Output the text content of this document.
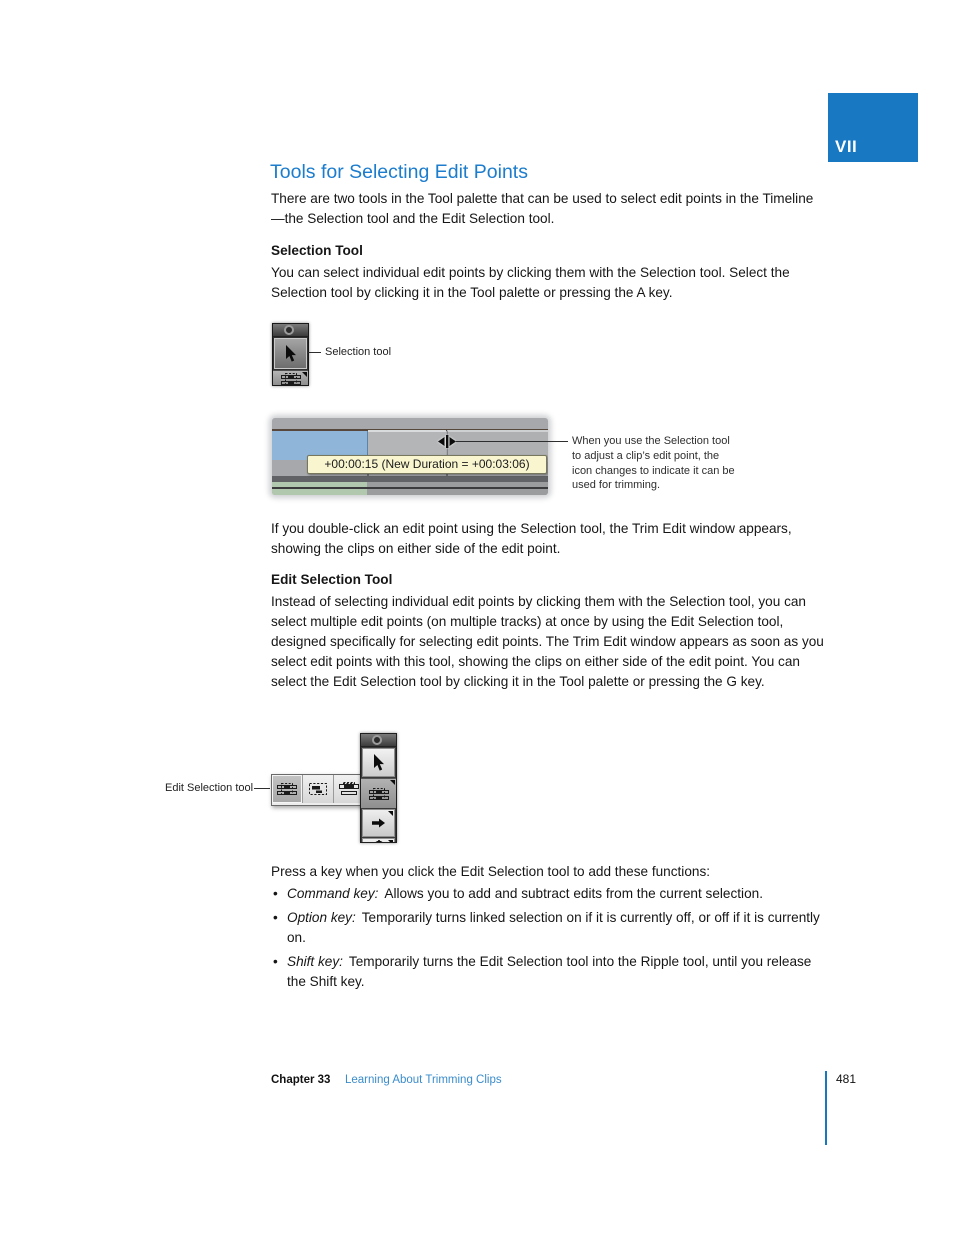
VII
Tools for Selecting Edit Points
There are two tools in the Tool palette that can be used to select edit points in the Timeline—the Selection tool and the Edit Selection tool.
Selection Tool
You can select individual edit points by clicking them with the Selection tool. Select the Selection tool by clicking it in the Tool palette or pressing the A key.
Selection tool
+00:00:15 (New Duration = +00:03:06)
When you use the Selection tool
to adjust a clip’s edit point, the
icon changes to indicate it can be
used for trimming.
If you double-click an edit point using the Selection tool, the Trim Edit window appears, showing the clips on either side of the edit point.
Edit Selection Tool
Instead of selecting individual edit points by clicking them with the Selection tool, you can select multiple edit points (on multiple tracks) at once by using the Edit Selection tool, designed specifically for selecting edit points. The Trim Edit window appears as soon as you select edit points with this tool, showing the clips on either side of the edit point. You can select the Edit Selection tool by clicking it in the Tool palette or pressing the G key.
Edit Selection tool
Press a key when you click the Edit Selection tool to add these functions:
• Command key: Allows you to add and subtract edits from the current selection.
• Option key: Temporarily turns linked selection on if it is currently off, or off if it is currently on.
• Shift key: Temporarily turns the Edit Selection tool into the Ripple tool, until you release the Shift key.
Chapter 33 Learning About Trimming Clips	481
